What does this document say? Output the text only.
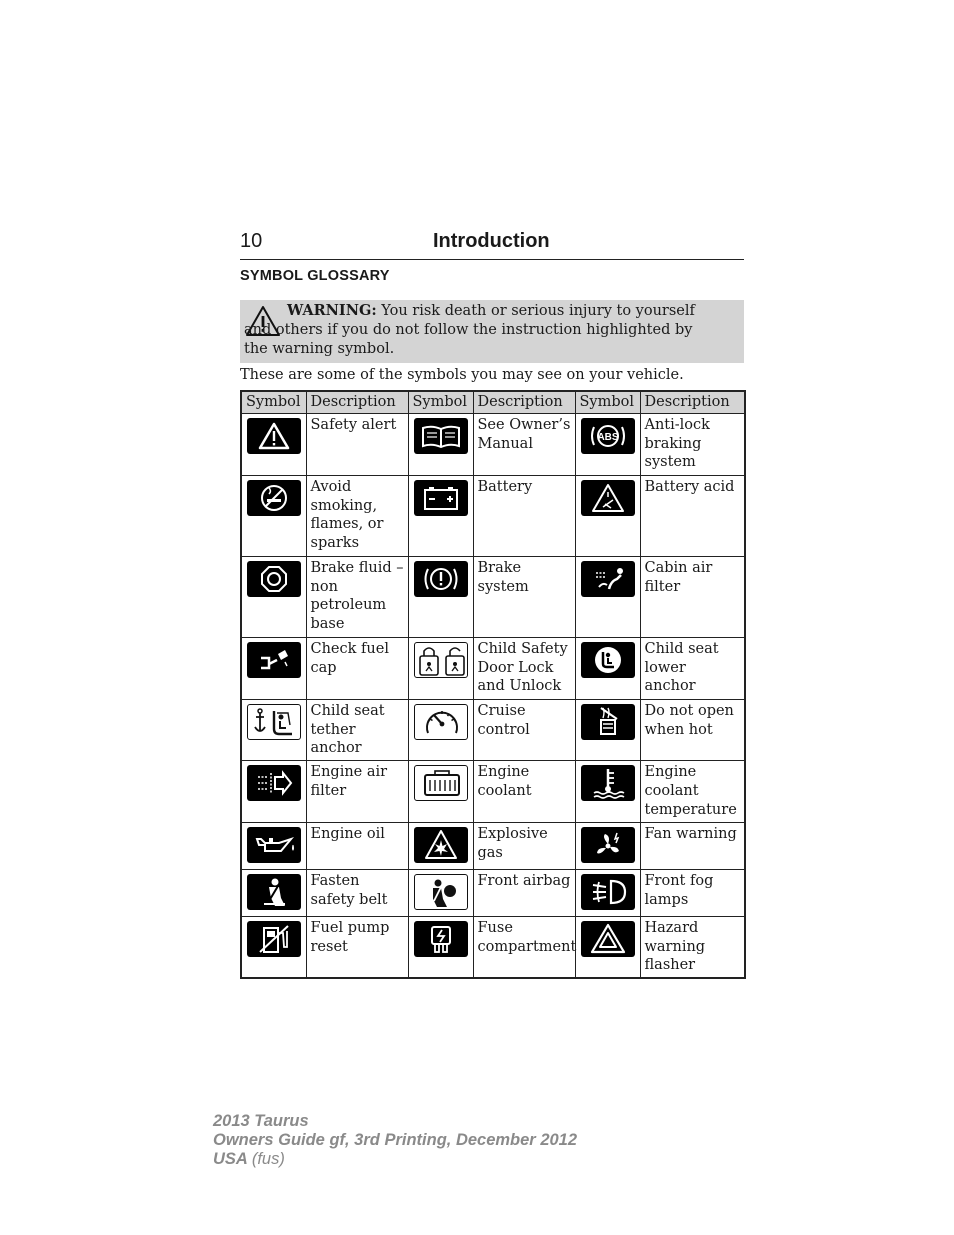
10	Introduction
SYMBOL GLOSSARY
WARNING: You risk death or serious injury to yourself and others if you do not follow the instruction highlighted by the warning symbol.
These are some of the symbols you may see on your vehicle.
Symbol	Description	Symbol	Description	Symbol	Description

	Safety alert		See Owner’s Manual	ABS	Anti-lock braking system

	Avoid smoking, flames, or sparks		Battery		Battery acid

	Brake fluid – non petroleum base		Brake system		Cabin air filter

	Check fuel cap		Child Safety Door Lock and Unlock		Child seat lower anchor

	Child seat tether anchor		Cruise control		Do not open when hot

	Engine air filter		Engine coolant		Engine coolant temperature

	Engine oil		Explosive gas		Fan warning

	Fasten safety belt		Front airbag		Front fog lamps

	Fuel pump reset		Fuse compartment		Hazard warning flasher
2013 Taurus
Owners Guide gf, 3rd Printing, December 2012
USA (fus)
